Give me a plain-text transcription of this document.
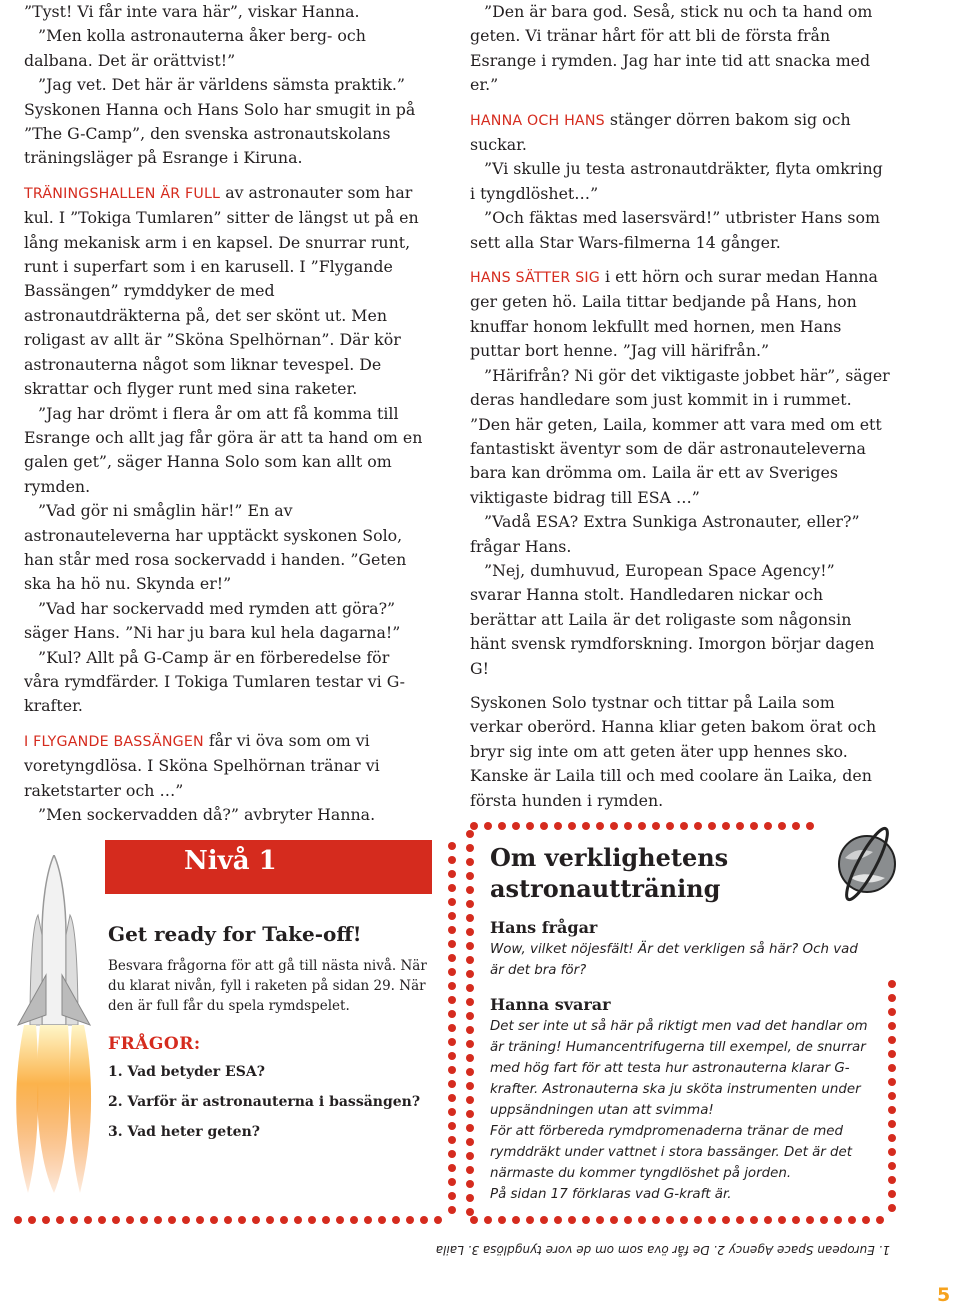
”Tyst! Vi får inte vara här”, viskar Hanna.

”Men kolla astronauterna åker berg- och dalbana. Det är orättvist!”

”Jag vet. Det här är världens sämsta praktik.” Syskonen Hanna och Hans Solo har smugit in på ”The G-Camp”, den svenska astronautskolans träningsläger på Esrange i Kiruna.

TRÄNINGSHALLEN ÄR FULL av astronauter som har kul. I ”Tokiga Tumlaren” sitter de längst ut på en lång mekanisk arm i en kapsel. De snurrar runt, runt i superfart som i en karusell. I ”Flygande Bassängen” rymddyker de med astronautdräkterna på, det ser skönt ut. Men roligast av allt är ”Sköna Spelhörnan”. Där kör astronauterna något som liknar tevespel. De skrattar och flyger runt med sina raketer.

”Jag har drömt i flera år om att få komma till Esrange och allt jag får göra är att ta hand om en galen get”, säger Hanna Solo som kan allt om rymden.

”Vad gör ni småglin här!” En av astronauteleverna har upptäckt syskonen Solo, han står med rosa sockervadd i handen. ”Geten ska ha hö nu. Skynda er!”

”Vad har sockervadd med rymden att göra?” säger Hans. ”Ni har ju bara kul hela dagarna!”

”Kul? Allt på G-Camp är en förberedelse för våra rymdfärder. I Tokiga Tumlaren testar vi G-krafter.

I FLYGANDE BASSÄNGEN får vi öva som om vi voretyngdlösa. I Sköna Spelhörnan tränar vi raketstarter och …”

”Men sockervadden då?” avbryter Hanna.

”Den är bara god. Seså, stick nu och ta hand om geten. Vi tränar hårt för att bli de första från Esrange i rymden. Jag har inte tid att snacka med er.”

HANNA OCH HANS stänger dörren bakom sig och suckar.

”Vi skulle ju testa astronautdräkter, flyta omkring i tyngdlöshet…”

”Och fäktas med lasersvärd!” utbrister Hans som sett alla Star Wars-filmerna 14 gånger.

HANS SÄTTER SIG i ett hörn och surar medan Hanna ger geten hö. Laila tittar bedjande på Hans, hon knuffar honom lekfullt med hornen, men Hans puttar bort henne. ”Jag vill härifrån.”

”Härifrån? Ni gör det viktigaste jobbet här”, säger deras handledare som just kommit in i rummet. ”Den här geten, Laila, kommer att vara med om ett fantastiskt äventyr som de där astronauteleverna bara kan drömma om. Laila är ett av Sveriges viktigaste bidrag till ESA …”

”Vadå ESA? Extra Sunkiga Astronauter, eller?” frågar Hans.

”Nej, dumhuvud, European Space Agency!” svarar Hanna stolt. Handledaren nickar och berättar att Laila är det roligaste som någonsin hänt svensk rymdforskning. Imorgon börjar dagen G!

Syskonen Solo tystnar och tittar på Laila som verkar oberörd. Hanna kliar geten bakom örat och bryr sig inte om att geten äter upp hennes sko. Kanske är Laila till och med coolare än Laika, den första hunden i rymden.

Nivå 1
Get ready for Take-off!
Besvara frågorna för att gå till nästa nivå. När du klarat nivån, fyll i raketen på sidan 29. När den är full får du spela rymdspelet.
FRÅGOR:

1. Vad betyder ESA?

2. Varför är astronauterna i bassängen?

3. Vad heter geten?

Om verklighetens astronautträning
Hans frågar
Wow, vilket nöjesfält! Är det verkligen så här? Och vad är det bra för?
Hanna svarar

Det ser inte ut så här på riktigt men vad det handlar om är träning! Humancentrifugerna till exempel, de snurrar med hög fart för att testa hur astronauterna klarar G-krafter. Astronauterna ska ju sköta instrumenten under uppsändningen utan att svimma!

För att förbereda rymdpromenaderna tränar de med rymddräkt under vattnet i stora bassänger. Det är det närmaste du kommer tyngdlöshet på jorden.

På sidan 17 förklaras vad G-kraft är.

1. European Space Agency 2. De får öva som om de vore tyngdlösa 3. Laila
5
